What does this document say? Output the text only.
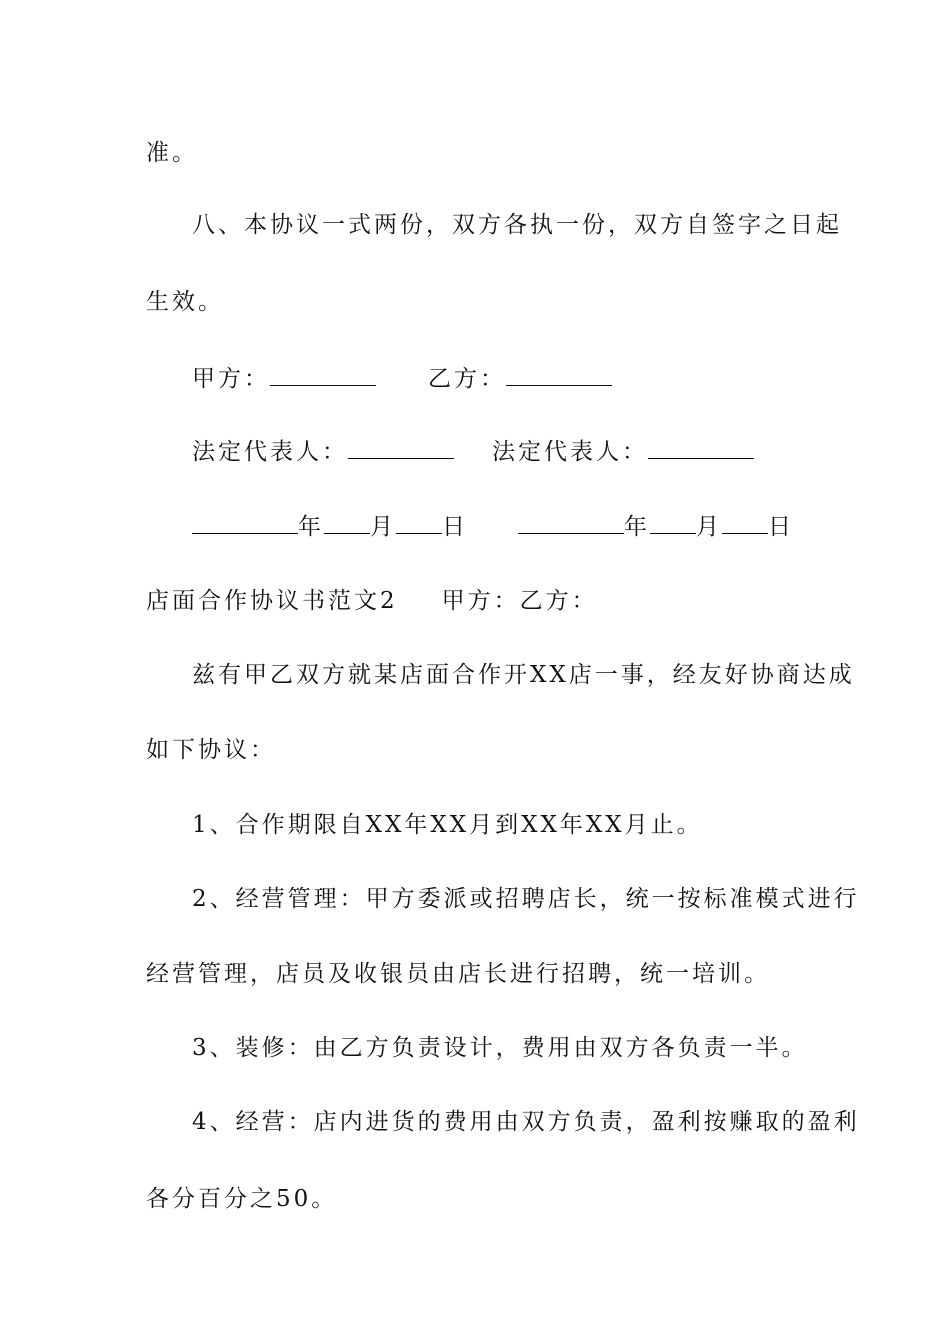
准。
八、本协议一式两份，双方各执一份，双方自签字之日起
生效。
甲方：	乙方：
法定代表人：	法定代表人：
年 月 日	年 月 日
店面合作协议书范文2 甲方：乙方：
兹有甲乙双方就某店面合作开XX店一事，经友好协商达成
如下协议：
1、合作期限自XX年XX月到XX年XX月止。
2、经营管理：甲方委派或招聘店长，统一按标准模式进行
经营管理，店员及收银员由店长进行招聘，统一培训。
3、装修：由乙方负责设计，费用由双方各负责一半。
4、经营：店内进货的费用由双方负责，盈利按赚取的盈利
各分百分之50。
